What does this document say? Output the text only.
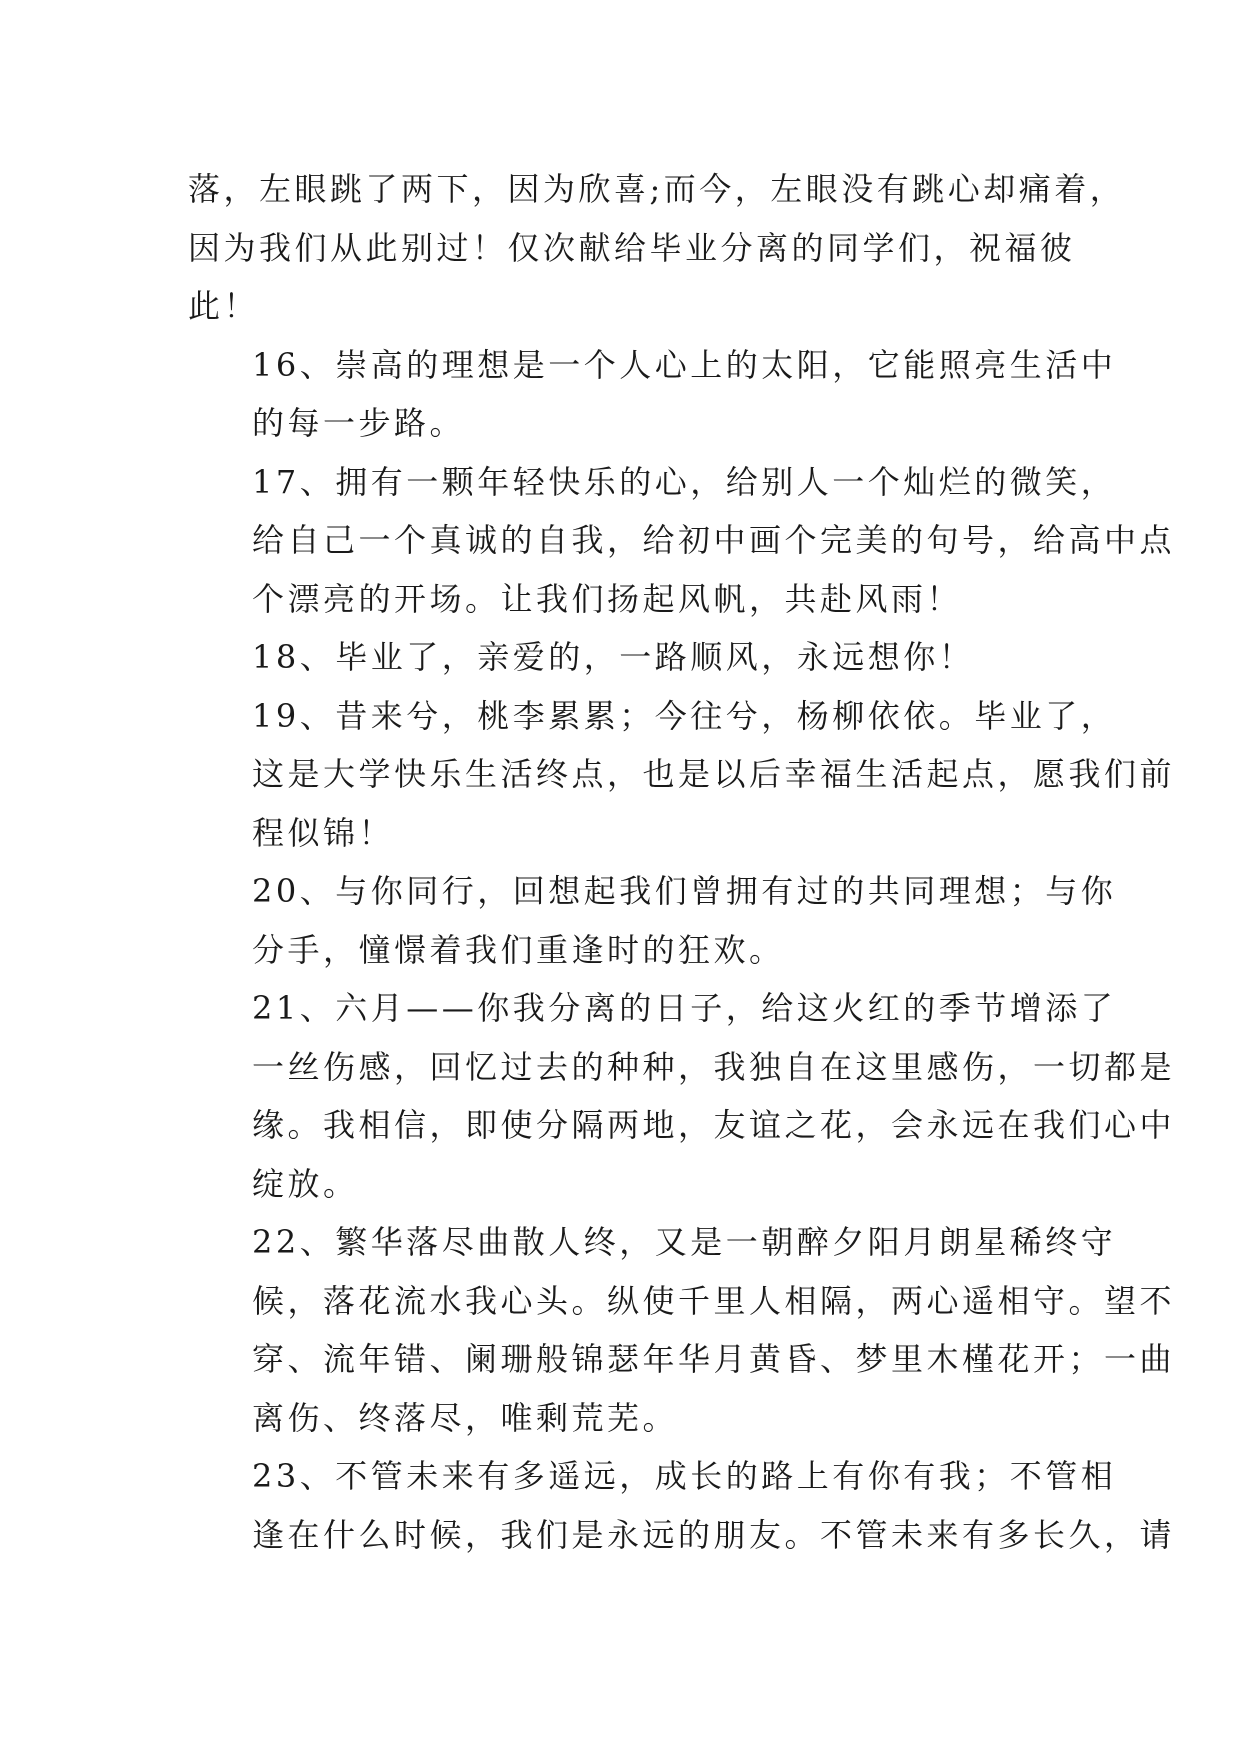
落，左眼跳了两下，因为欣喜;而今，左眼没有跳心却痛着，
因为我们从此别过！仅次献给毕业分离的同学们，祝福彼
此！

16、崇高的理想是一个人心上的太阳，它能照亮生活中
的每一步路。

17、拥有一颗年轻快乐的心，给别人一个灿烂的微笑，
给自己一个真诚的自我，给初中画个完美的句号，给高中点
个漂亮的开场。让我们扬起风帆，共赴风雨！

18、毕业了，亲爱的，一路顺风，永远想你！

19、昔来兮，桃李累累；今往兮，杨柳依依。毕业了，
这是大学快乐生活终点，也是以后幸福生活起点，愿我们前
程似锦！

20、与你同行，回想起我们曾拥有过的共同理想；与你
分手，憧憬着我们重逢时的狂欢。

21、六月——你我分离的日子，给这火红的季节增添了
一丝伤感，回忆过去的种种，我独自在这里感伤，一切都是
缘。我相信，即使分隔两地，友谊之花，会永远在我们心中
绽放。

22、繁华落尽曲散人终，又是一朝醉夕阳月朗星稀终守
候，落花流水我心头。纵使千里人相隔，两心遥相守。望不
穿、流年错、阑珊般锦瑟年华月黄昏、梦里木槿花开；一曲
离伤、终落尽，唯剩荒芜。

23、不管未来有多遥远，成长的路上有你有我；不管相
逢在什么时候，我们是永远的朋友。不管未来有多长久，请
